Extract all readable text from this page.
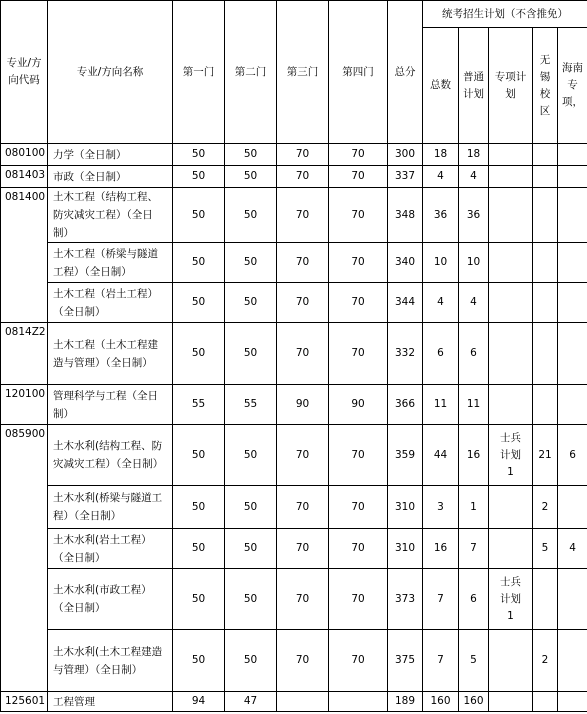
专业/方向代码	专业/方向名称	第一门	第二门	第三门	第四门	总分	统考招生计划（不含推免）				
							总数	普通计划	专项计划	无锡校区	海南专项，
080100	力学（全日制）	50	50	70	70	300	18	18			
081403	市政（全日制）	50	50	70	70	337	4	4			
081400	土木工程（结构工程、防灾减灾工程）（全日制）	50	50	70	70	348	36	36			
	土木工程（桥梁与隧道工程）（全日制）	50	50	70	70	340	10	10			
	土木工程（岩土工程）（全日制）	50	50	70	70	344	4	4			
0814Z2	土木工程（土木工程建造与管理）（全日制）	50	50	70	70	332	6	6			
120100	管理科学与工程（全日制）	55	55	90	90	366	11	11			
085900	土木水利(结构工程、防灾减灾工程）（全日制）	50	50	70	70	359	44	16	士兵计划 1	21	6
	土木水利(桥梁与隧道工程）（全日制）	50	50	70	70	310	3	1		2	
	土木水利(岩土工程）（全日制）	50	50	70	70	310	16	7		5	4
	土木水利(市政工程）（全日制）	50	50	70	70	373	7	6	士兵计划 1		
	土木水利(土木工程建造与管理）（全日制）	50	50	70	70	375	7	5		2	
125601	工程管理	94	47			189	160	160			
